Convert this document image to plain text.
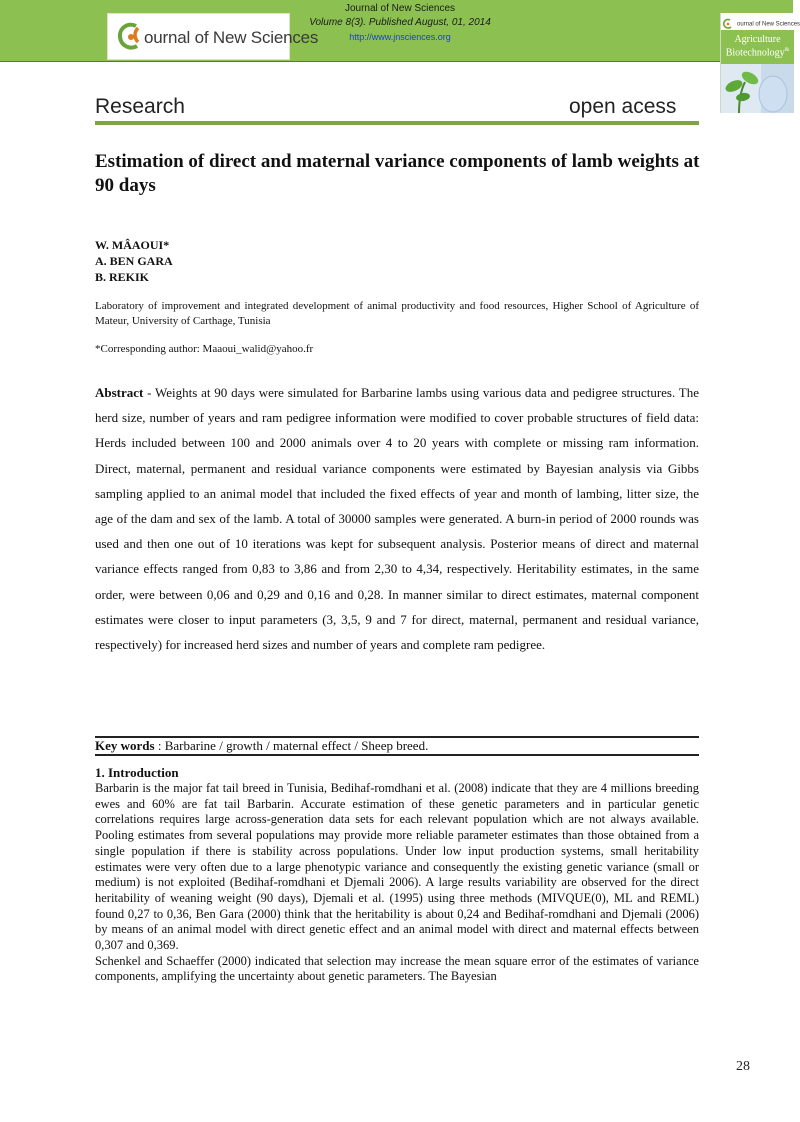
ournal of New Sciences
Journal of New Sciences
Volume 8(3). Published August, 01, 2014
http://www.jnsciences.org
ournal of New Sciences
Agriculture
Biotechnology&
Research	open acess
Estimation of direct and maternal variance components of lamb weights at 90 days
W. MÂAOUI*
A. BEN GARA
B. REKIK
Laboratory of improvement and integrated development of animal productivity and food resources, Higher School of Agriculture of Mateur, University of Carthage, Tunisia
*Corresponding author: Maaoui_walid@yahoo.fr
Abstract - Weights at 90 days were simulated for Barbarine lambs using various data and pedigree structures. The herd size, number of years and ram pedigree information were modified to cover probable structures of field data: Herds included between 100 and 2000 animals over 4 to 20 years with complete or missing ram information. Direct, maternal, permanent and residual variance components were estimated by Bayesian analysis via Gibbs sampling applied to an animal model that included the fixed effects of year and month of lambing, litter size, the age of the dam and sex of the lamb. A total of 30000 samples were generated. A burn-in period of 2000 rounds was used and then one out of 10 iterations was kept for subsequent analysis. Posterior means of direct and maternal variance effects ranged from 0,83 to 3,86 and from 2,30 to 4,34, respectively. Heritability estimates, in the same order, were between 0,06 and 0,29 and 0,16 and 0,28. In manner similar to direct estimates, maternal component estimates were closer to input parameters (3, 3,5, 9 and 7 for direct, maternal, permanent and residual variance, respectively) for increased herd sizes and number of years and complete ram pedigree.
Key words : Barbarine / growth / maternal effect / Sheep breed.
1. Introduction

Barbarin is the major fat tail breed in Tunisia, Bedihaf-romdhani et al. (2008) indicate that they are 4 millions breeding ewes and 60% are fat tail Barbarin. Accurate estimation of these genetic parameters and in particular genetic correlations requires large across-generation data sets for each relevant population which are not always available. Pooling estimates from several populations may provide more reliable parameter estimates than those obtained from a single population if there is stability across populations. Under low input production systems, small heritability estimates were very often due to a large phenotypic variance and consequently the existing genetic variance (small or medium) is not exploited (Bedihaf-romdhani et Djemali 2006). A large results variability are observed for the direct heritability of weaning weight (90 days), Djemali et al. (1995) using three methods (MIVQUE(0), ML and REML) found 0,27 to 0,36, Ben Gara (2000) think that the heritability is about 0,24 and Bedihaf-romdhani and Djemali (2006) by means of an animal model with direct genetic effect and an animal model with direct and maternal effects between 0,307 and 0,369.

Schenkel and Schaeffer (2000) indicated that selection may increase the mean square error of the estimates of variance components, amplifying the uncertainty about genetic parameters. The Bayesian

28
